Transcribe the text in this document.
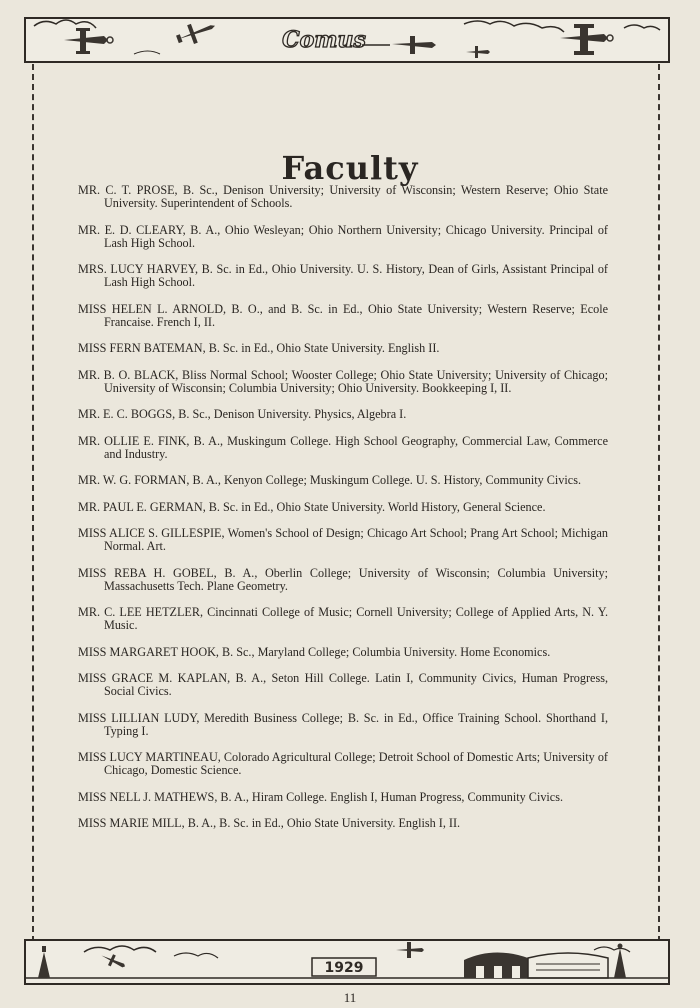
Comus
Faculty
MR. C. T. PROSE, B. Sc., Denison University; University of Wisconsin; Western Reserve; Ohio State University. Superintendent of Schools.
MR. E. D. CLEARY, B. A., Ohio Wesleyan; Ohio Northern University; Chicago University. Principal of Lash High School.
MRS. LUCY HARVEY, B. Sc. in Ed., Ohio University. U. S. History, Dean of Girls, Assistant Principal of Lash High School.
MISS HELEN L. ARNOLD, B. O., and B. Sc. in Ed., Ohio State University; Western Reserve; Ecole Francaise. French I, II.
MISS FERN BATEMAN, B. Sc. in Ed., Ohio State University. English II.
MR. B. O. BLACK, Bliss Normal School; Wooster College; Ohio State University; University of Chicago; University of Wisconsin; Columbia University; Ohio University. Bookkeeping I, II.
MR. E. C. BOGGS, B. Sc., Denison University. Physics, Algebra I.
MR. OLLIE E. FINK, B. A., Muskingum College. High School Geography, Commercial Law, Commerce and Industry.
MR. W. G. FORMAN, B. A., Kenyon College; Muskingum College. U. S. History, Community Civics.
MR. PAUL E. GERMAN, B. Sc. in Ed., Ohio State University. World History, General Science.
MISS ALICE S. GILLESPIE, Women's School of Design; Chicago Art School; Prang Art School; Michigan Normal. Art.
MISS REBA H. GOBEL, B. A., Oberlin College; University of Wisconsin; Columbia University; Massachusetts Tech. Plane Geometry.
MR. C. LEE HETZLER, Cincinnati College of Music; Cornell University; College of Applied Arts, N. Y. Music.
MISS MARGARET HOOK, B. Sc., Maryland College; Columbia University. Home Economics.
MISS GRACE M. KAPLAN, B. A., Seton Hill College. Latin I, Community Civics, Human Progress, Social Civics.
MISS LILLIAN LUDY, Meredith Business College; B. Sc. in Ed., Office Training School. Shorthand I, Typing I.
MISS LUCY MARTINEAU, Colorado Agricultural College; Detroit School of Domestic Arts; University of Chicago, Domestic Science.
MISS NELL J. MATHEWS, B. A., Hiram College. English I, Human Progress, Community Civics.
MISS MARIE MILL, B. A., B. Sc. in Ed., Ohio State University. English I, II.
1929
11
